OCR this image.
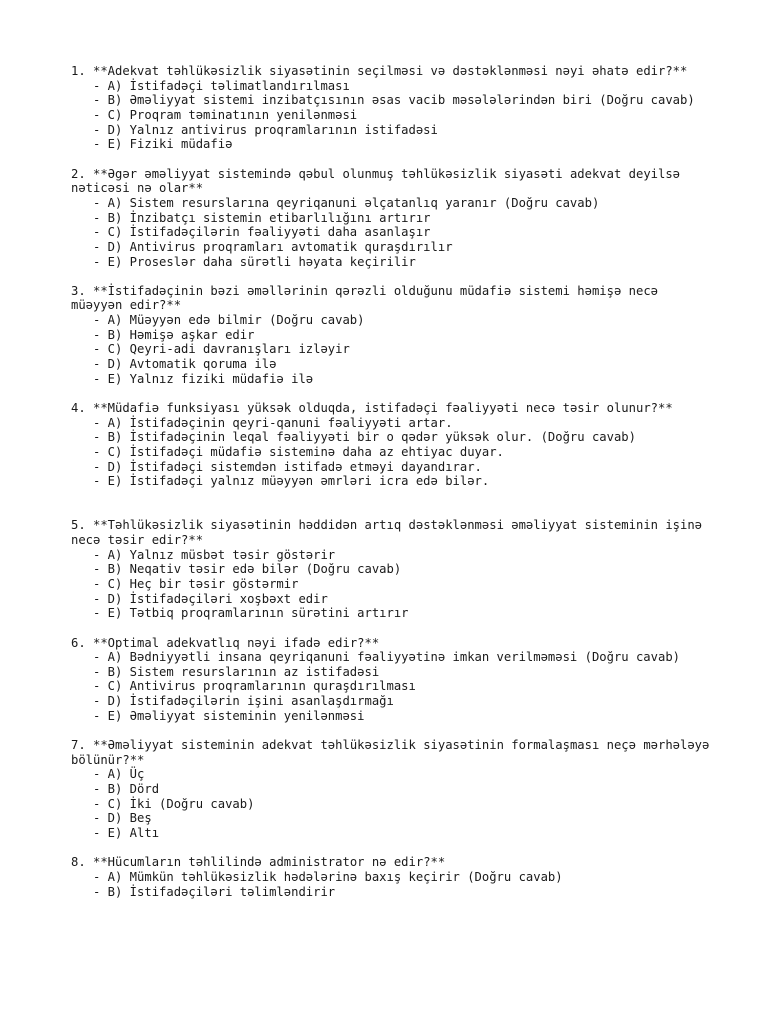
1. **Adekvat təhlükəsizlik siyasətinin seçilməsi və dəstəklənməsi nəyi əhatə edir?**
- A) İstifadəçi təlimatlandırılması
- B) Əməliyyat sistemi inzibatçısının əsas vacib məsələlərindən biri (Doğru cavab)
- C) Proqram təminatının yenilənməsi
- D) Yalnız antivirus proqramlarının istifadəsi
- E) Fiziki müdafiə
2. **Əgər əməliyyat sistemində qəbul olunmuş təhlükəsizlik siyasəti adekvat deyilsə nəticəsi nə olar**
- A) Sistem resurslarına qeyriqanuni əlçatanlıq yaranır (Doğru cavab)
- B) İnzibatçı sistemin etibarlılığını artırır
- C) İstifadəçilərin fəaliyyəti daha asanlaşır
- D) Antivirus proqramları avtomatik quraşdırılır
- E) Proseslər daha sürətli həyata keçirilir
3. **İstifadəçinin bəzi əməllərinin qərəzli olduğunu müdafiə sistemi həmişə necə müəyyən edir?**
- A) Müəyyən edə bilmir (Doğru cavab)
- B) Həmişə aşkar edir
- C) Qeyri-adi davranışları izləyir
- D) Avtomatik qoruma ilə
- E) Yalnız fiziki müdafiə ilə
4. **Müdafiə funksiyası yüksək olduqda, istifadəçi fəaliyyəti necə təsir olunur?**
- A) İstifadəçinin qeyri-qanuni fəaliyyəti artar.
- B) İstifadəçinin leqal fəaliyyəti bir o qədər yüksək olur. (Doğru cavab)
- C) İstifadəçi müdafiə sisteminə daha az ehtiyac duyar.
- D) İstifadəçi sistemdən istifadə etməyi dayandırar.
- E) İstifadəçi yalnız müəyyən əmrləri icra edə bilər.
5. **Təhlükəsizlik siyasətinin həddidən artıq dəstəklənməsi əməliyyat sisteminin işinə necə təsir edir?**
- A) Yalnız müsbət təsir göstərir
- B) Neqativ təsir edə bilər (Doğru cavab)
- C) Heç bir təsir göstərmir
- D) İstifadəçiləri xoşbəxt edir
- E) Tətbiq proqramlarının sürətini artırır
6. **Optimal adekvatlıq nəyi ifadə edir?**
- A) Bədniyyətli insana qeyriqanuni fəaliyyətinə imkan verilməməsi (Doğru cavab)
- B) Sistem resurslarının az istifadəsi
- C) Antivirus proqramlarının quraşdırılması
- D) İstifadəçilərin işini asanlaşdırmağı
- E) Əməliyyat sisteminin yenilənməsi
7. **Əməliyyat sisteminin adekvat təhlükəsizlik siyasətinin formalaşması neçə mərhələyə bölünür?**
- A) Üç
- B) Dörd
- C) İki (Doğru cavab)
- D) Beş
- E) Altı
8. **Hücumların təhlilində administrator nə edir?**
- A) Mümkün təhlükəsizlik hədələrinə baxış keçirir (Doğru cavab)
- B) İstifadəçiləri təlimləndirir
